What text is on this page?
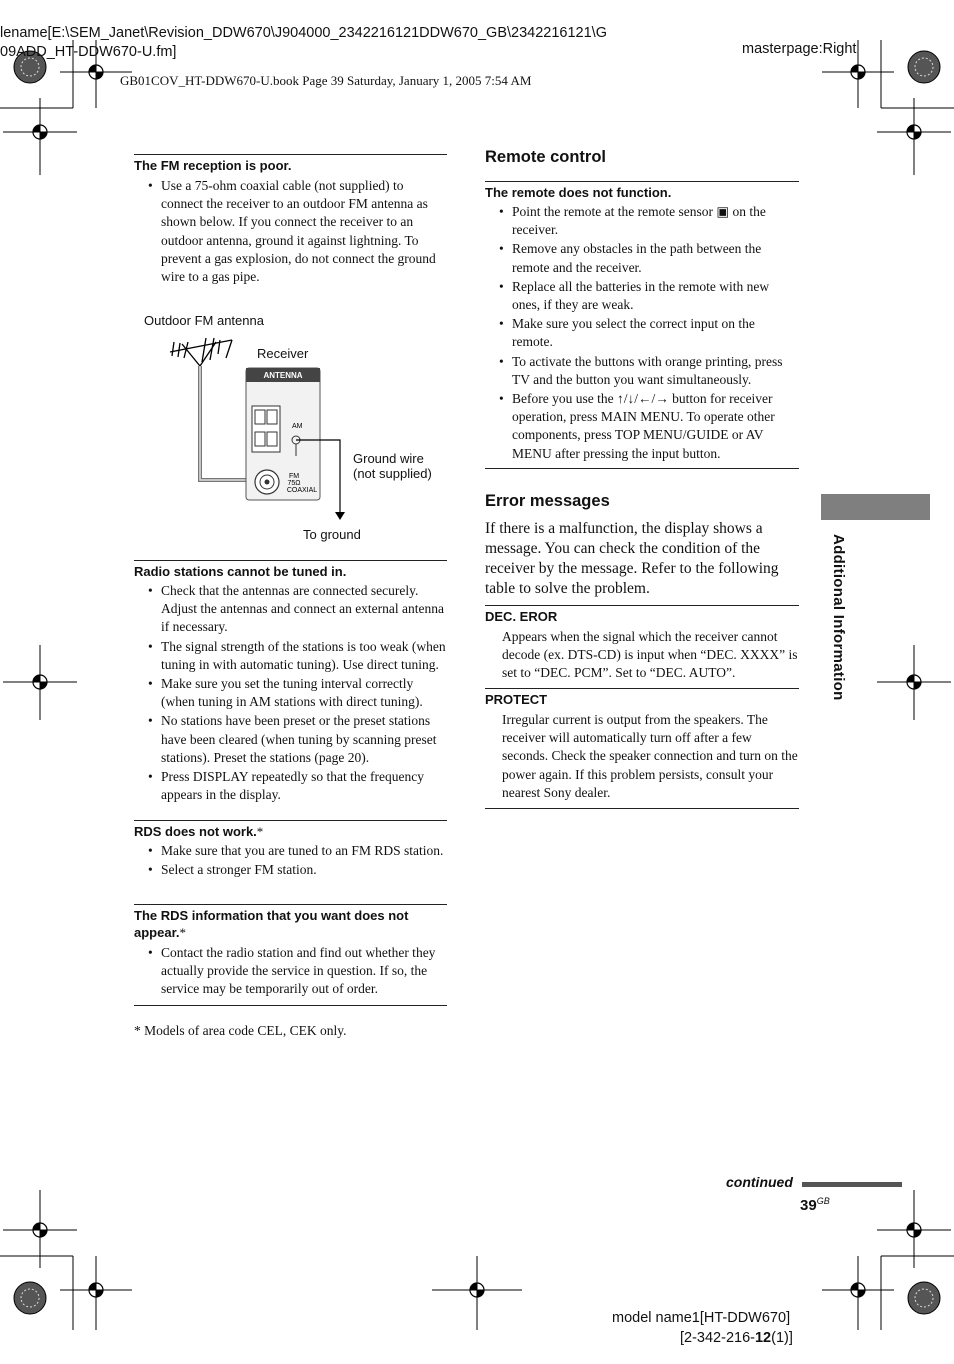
lename[E:\SEM_Janet\Revision_DDW670\J904000_2342216121DDW670_GB\2342216121\G
09ADD_HT-DDW670-U.fm]	masterpage:Right
GB01COV_HT-DDW670-U.book Page 39 Saturday, January 1, 2005 7:54 AM
The FM reception is poor.
• Use a 75-ohm coaxial cable (not supplied) to connect the receiver to an outdoor FM antenna as shown below. If you connect the receiver to an outdoor antenna, ground it against lightning. To prevent a gas explosion, do not connect the ground wire to a gas pipe.
Outdoor FM antenna
Receiver
Ground wire
(not supplied)
To ground
ANTENNA
AM
FM
75Ω
COAXIAL
Radio stations cannot be tuned in.
• Check that the antennas are connected securely. Adjust the antennas and connect an external antenna if necessary.
• The signal strength of the stations is too weak (when tuning in with automatic tuning). Use direct tuning.
• Make sure you set the tuning interval correctly (when tuning in AM stations with direct tuning).
• No stations have been preset or the preset stations have been cleared (when tuning by scanning preset stations). Preset the stations (page 20).
• Press DISPLAY repeatedly so that the frequency appears in the display.
RDS does not work.*
• Make sure that you are tuned to an FM RDS station.
• Select a stronger FM station.
The RDS information that you want does not appear.*
• Contact the radio station and find out whether they actually provide the service in question. If so, the service may be temporarily out of order.
* Models of area code CEL, CEK only.
Remote control
The remote does not function.
• Point the remote at the remote sensor ▣ on the receiver.
• Remove any obstacles in the path between the remote and the receiver.
• Replace all the batteries in the remote with new ones, if they are weak.
• Make sure you select the correct input on the remote.
• To activate the buttons with orange printing, press TV and the button you want simultaneously.
• Before you use the ↑/↓/←/→ button for receiver operation, press MAIN MENU. To operate other components, press TOP MENU/GUIDE or AV MENU after pressing the input button.
Error messages
If there is a malfunction, the display shows a message. You can check the condition of the receiver by the message. Refer to the following table to solve the problem.
DEC. EROR
Appears when the signal which the receiver cannot decode (ex. DTS-CD) is input when “DEC. XXXX” is set to “DEC. PCM”. Set to “DEC. AUTO”.
PROTECT
Irregular current is output from the speakers. The receiver will automatically turn off after a few seconds. Check the speaker connection and turn on the power again. If this problem persists, consult your nearest Sony dealer.
Additional Information
continued
$39^{GB}$
model name1[HT-DDW670]
[2-342-216-12(1)]
